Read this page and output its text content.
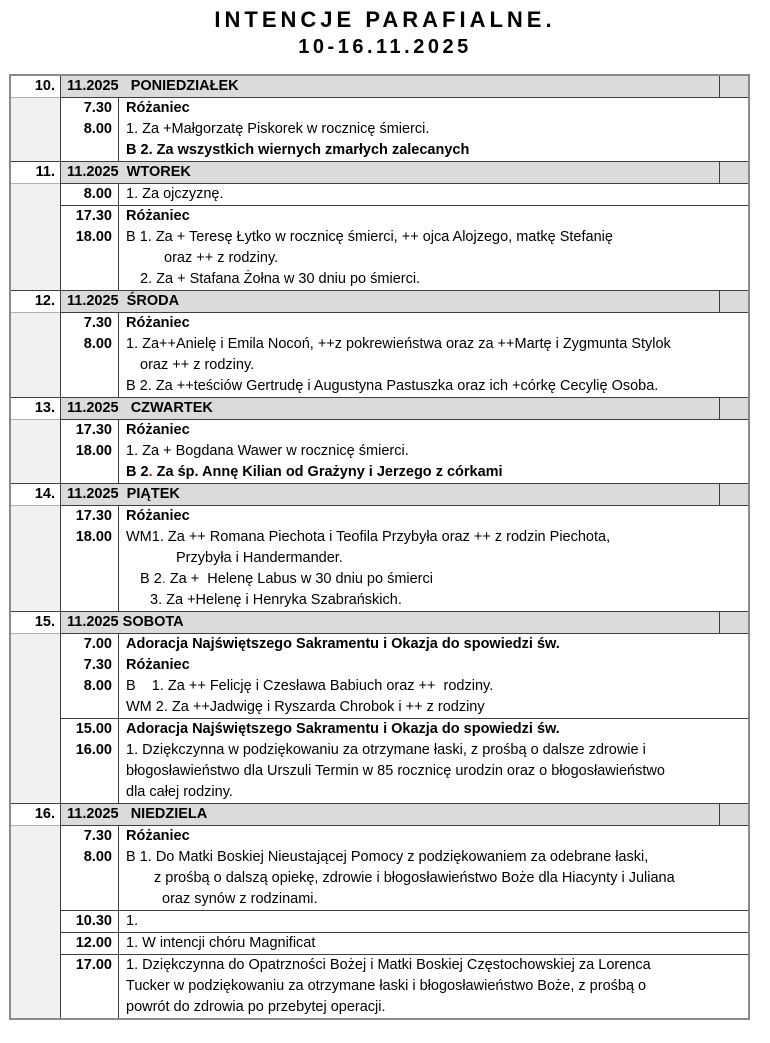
INTENCJE PARAFIALNE.
10-16.11.2025
10. 11.2025   PONIEDZIAŁEK
7.30
8.00
Różaniec
1. Za +Małgorzatę Piskorek w rocznicę śmierci.
B 2. Za wszystkich wiernych zmarłych zalecanych
11. 11.2025  WTOREK
8.00 1. Za ojczyznę.
17.30
18.00
Różaniec
B 1. Za + Teresę Łytko w rocznicę śmierci, ++ ojca Alojzego, matkę Stefanię
oraz ++ z rodziny.
2. Za + Stafana Żołna w 30 dniu po śmierci.
12. 11.2025  ŚRODA
7.30
8.00
Różaniec
1. Za++Anielę i Emila Nocoń, ++z pokrewieństwa oraz za ++Martę i Zygmunta Stylok
oraz ++ z rodziny.
B 2. Za ++teściów Gertrudę i Augustyna Pastuszka oraz ich +córkę Cecylię Osoba.
13. 11.2025   CZWARTEK
17.30
18.00
Różaniec
1. Za + Bogdana Wawer w rocznicę śmierci.
B 2. Za śp. Annę Kilian od Grażyny i Jerzego z córkami
14. 11.2025  PIĄTEK
17.30
18.00
Różaniec
WM1. Za ++ Romana Piechota i Teofila Przybyła oraz ++ z rodzin Piechota,
Przybyła i Handermander.
B 2. Za +  Helenę Labus w 30 dniu po śmierci
3. Za +Helenę i Henryka Szabrańskich.
15. 11.2025 SOBOTA
7.00
7.30
8.00
Adoracja Najświętszego Sakramentu i Okazja do spowiedzi św.
Różaniec
B    1. Za ++ Felicję i Czesława Babiuch oraz ++  rodziny.
WM 2. Za ++Jadwigę i Ryszarda Chrobok i ++ z rodziny
15.00
16.00
Adoracja Najświętszego Sakramentu i Okazja do spowiedzi św.
1. Dziękczynna w podziękowaniu za otrzymane łaski, z prośbą o dalsze zdrowie i
błogosławieństwo dla Urszuli Termin w 85 rocznicę urodzin oraz o błogosławieństwo
dla całej rodziny.
16. 11.2025   NIEDZIELA
7.30
8.00
Różaniec
B 1. Do Matki Boskiej Nieustającej Pomocy z podziękowaniem za odebrane łaski,
z prośbą o dalszą opiekę, zdrowie i błogosławieństwo Boże dla Hiacynty i Juliana
oraz synów z rodzinami.
10.30 1.
12.00 1. W intencji chóru Magnificat
17.00 1. Dziękczynna do Opatrzności Bożej i Matki Boskiej Częstochowskiej za Lorenca
Tucker w podziękowaniu za otrzymane łaski i błogosławieństwo Boże, z prośbą o
powrót do zdrowia po przebytej operacji.
